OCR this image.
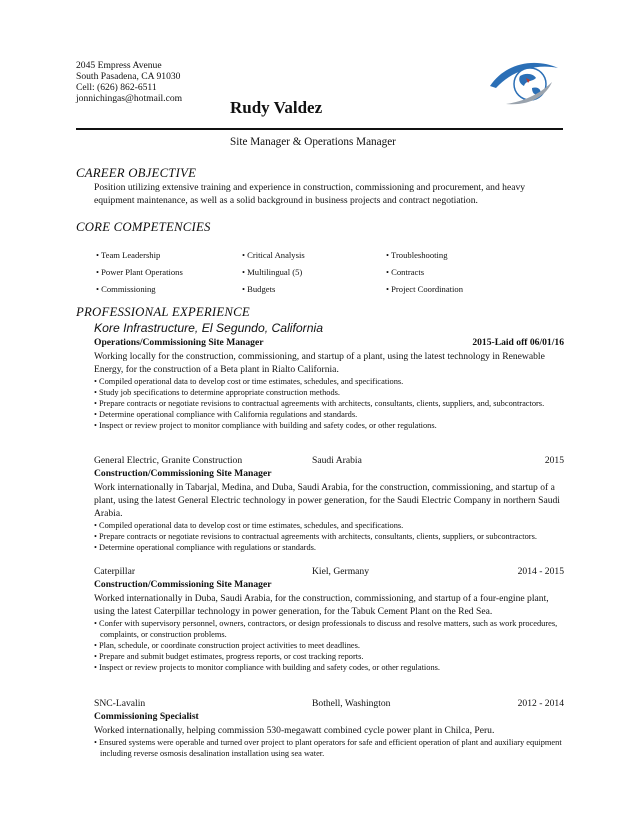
2045 Empress Avenue
South Pasadena, CA 91030
Cell: (626) 862-6511
jonnichingas@hotmail.com	Rudy Valdez
Site Manager & Operations Manager
CAREER OBJECTIVE
Position utilizing extensive training and experience in construction, commissioning and procurement, and heavy equipment maintenance, as well as a solid background in business projects and contract negotiation.
CORE COMPETENCIES
• Team Leadership	• Critical Analysis	• Troubleshooting
• Power Plant Operations	• Multilingual (5)	• Contracts
• Commissioning	• Budgets	• Project Coordination
PROFESSIONAL EXPERIENCE
Kore Infrastructure, El Segundo, California
Operations/Commissioning Site Manager	2015-Laid off 06/01/16
Working locally for the construction, commissioning, and startup of a plant, using the latest technology in Renewable Energy, for the construction of a Beta plant in Rialto California.
• Compiled operational data to develop cost or time estimates, schedules, and specifications.
• Study job specifications to determine appropriate construction methods.
• Prepare contracts or negotiate revisions to contractual agreements with architects, consultants, clients, suppliers, and, subcontractors.
• Determine operational compliance with California regulations and standards.
• Inspect or review project to monitor compliance with building and safety codes, or other regulations.
General Electric, Granite Construction	Saudi Arabia	2015
Construction/Commissioning Site Manager
Work internationally in Tabarjal, Medina, and Duba, Saudi Arabia, for the construction, commissioning, and startup of a plant, using the latest General Electric technology in power generation, for the Saudi Electric Company in northern Saudi Arabia.
• Compiled operational data to develop cost or time estimates, schedules, and specifications.
• Prepare contracts or negotiate revisions to contractual agreements with architects, consultants, clients, suppliers, or subcontractors.
• Determine operational compliance with regulations or standards.
Caterpillar	Kiel, Germany	2014 - 2015
Construction/Commissioning Site Manager
Worked internationally in Duba, Saudi Arabia, for the construction, commissioning, and startup of a four-engine plant, using the latest Caterpillar technology in power generation, for the Tabuk Cement Plant on the Red Sea.
• Confer with supervisory personnel, owners, contractors, or design professionals to discuss and resolve matters, such as work procedures, complaints, or construction problems.
• Plan, schedule, or coordinate construction project activities to meet deadlines.
• Prepare and submit budget estimates, progress reports, or cost tracking reports.
• Inspect or review projects to monitor compliance with building and safety codes, or other regulations.
SNC-Lavalin	Bothell, Washington	2012 - 2014
Commissioning Specialist
Worked internationally, helping commission 530-megawatt combined cycle power plant in Chilca, Peru.
• Ensured systems were operable and turned over project to plant operators for safe and efficient operation of plant and auxiliary equipment including reverse osmosis desalination installation using sea water.
